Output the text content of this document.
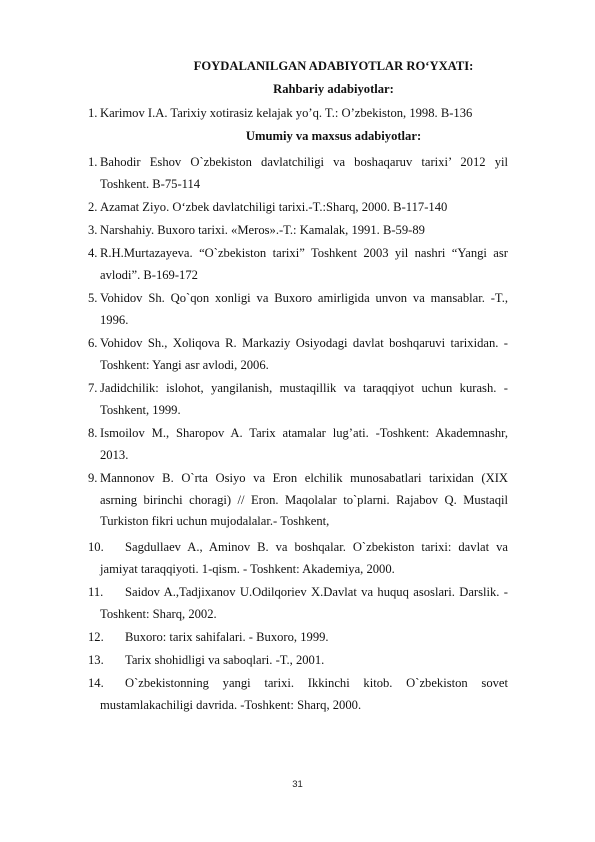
FOYDALANILGAN ADABIYOTLAR RO‘YXATI:
Rahbariy adabiyotlar:
1. Karimov I.A. Tarixiy xotirasiz kelajak yo’q. T.: O’zbekiston, 1998. B-136
Umumiy va maxsus adabiyotlar:
1. Bahodir Eshov O`zbekiston davlatchiligi va boshaqaruv tarixi’ 2012 yil
Toshkent. B-75-114
2. Azamat Ziyo. O‘zbek davlatchiligi tarixi.-T.:Sharq, 2000. B-117-140
3. Narshahiy. Buxoro tarixi. «Meros».-T.: Kamalak, 1991. B-59-89
4. R.H.Murtazayeva. “O`zbekiston tarixi” Toshkent 2003 yil nashri “Yangi asr
avlodi”. B-169-172
5. Vohidov Sh. Qo`qon xonligi va Buxoro amirligida unvon va mansablar. -T.,
1996.
6. Vohidov Sh., Xoliqova R. Markaziy Osiyodagi davlat boshqaruvi tarixidan. -
Toshkent: Yangi asr avlodi, 2006.
7. Jadidchilik: islohot, yangilanish, mustaqillik va taraqqiyot uchun kurash. -
Toshkent, 1999.
8. Ismoilov M., Sharopov A. Tarix atamalar lug’ati. -Toshkent: Akademnashr,
2013.
9. Mannonov B. O`rta Osiyo va Eron elchilik munosabatlari tarixidan (XIX
asrning birinchi choragi) // Eron. Maqolalar to`plarni. Rajabov Q. Mustaqil
Turkiston fikri uchun mujodalalar.- Toshkent,
10. Sagdullaev A., Aminov B. va boshqalar. O`zbekiston tarixi: davlat va
jamiyat taraqqiyoti. 1-qism. - Toshkent: Akademiya, 2000.
11. Saidov A.,Tadjixanov U.Odilqoriev X.Davlat va huquq asoslari. Darslik. -
Toshkent: Sharq, 2002.
12.	Buxoro: tarix sahifalari. - Buxoro, 1999.
13.	Tarix shohidligi va saboqlari. -T., 2001.
14. O`zbekistonning yangi tarixi. Ikkinchi kitob. O`zbekiston sovet
mustamlakachiligi davrida. -Toshkent: Sharq, 2000.
31
